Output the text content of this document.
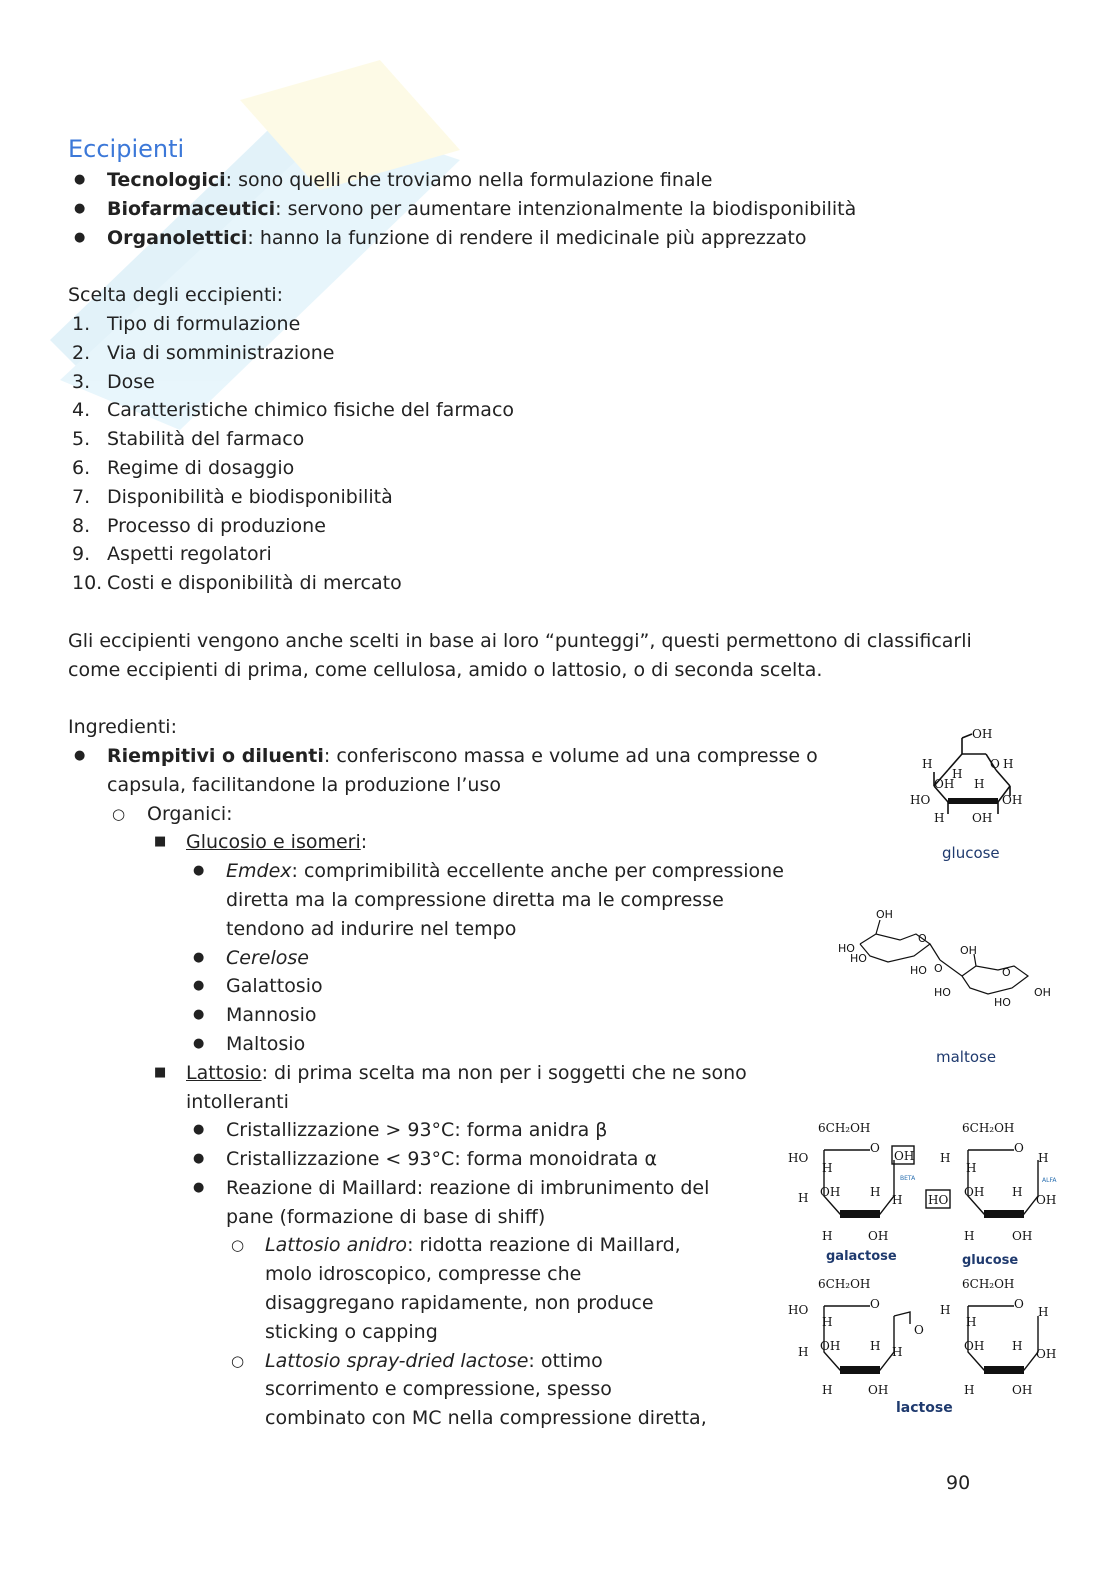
Eccipienti
● Tecnologici: sono quelli che troviamo nella formulazione finale
● Biofarmaceutici: servono per aumentare intenzionalmente la biodisponibilità
● Organolettici: hanno la funzione di rendere il medicinale più apprezzato
Scelta degli eccipienti:
1. Tipo di formulazione
2. Via di somministrazione
3. Dose
4. Caratteristiche chimico fisiche del farmaco
5. Stabilità del farmaco
6. Regime di dosaggio
7. Disponibilità e biodisponibilità
8. Processo di produzione
9. Aspetti regolatori
10. Costi e disponibilità di mercato
Gli eccipienti vengono anche scelti in base ai loro “punteggi”, questi permettono di classificarli
come eccipienti di prima, come cellulosa, amido o lattosio, o di seconda scelta.
Ingredienti:
● Riempitivi o diluenti: conferiscono massa e volume ad una compresse o
capsula, facilitandone la produzione l’uso
○ Organici:
■ Glucosio e isomeri:
● Emdex: comprimibilità eccellente anche per compressione
diretta ma la compressione diretta ma le compresse
tendono ad indurire nel tempo
● Cerelose
● Galattosio
● Mannosio
● Maltosio
■ Lattosio: di prima scelta ma non per i soggetti che ne sono
intolleranti
● Cristallizzazione > 93°C: forma anidra β
● Cristallizzazione < 93°C: forma monoidrata α
● Reazione di Maillard: reazione di imbrunimento del
pane (formazione di base di shiff)
○ Lattosio anidro: ridotta reazione di Maillard,
molo idroscopico, compresse che
disaggregano rapidamente, non produce
sticking o capping
○ Lattosio spray-dried lactose: ottimo
scorrimento e compressione, spesso
combinato con MC nella compressione diretta,
OH
O H
H
H
OH H
HO	OH
H OH
glucose
OH
HO
HO
O
HO O
OH
O
HO
HO
OH
maltose
6CH₂OH	6CH₂OH
6CH₂OH	6CH₂OH
O
OH
HO
H
OH H
H	H
H	OH
BETA
H
O
H
H
OH H
HO	OH
H	OH
ALFA
galactose	glucose
O
O
HO
H
OH H
H	H
H	OH
H	O
H
H
OH H
OH
H	OH
lactose
90
